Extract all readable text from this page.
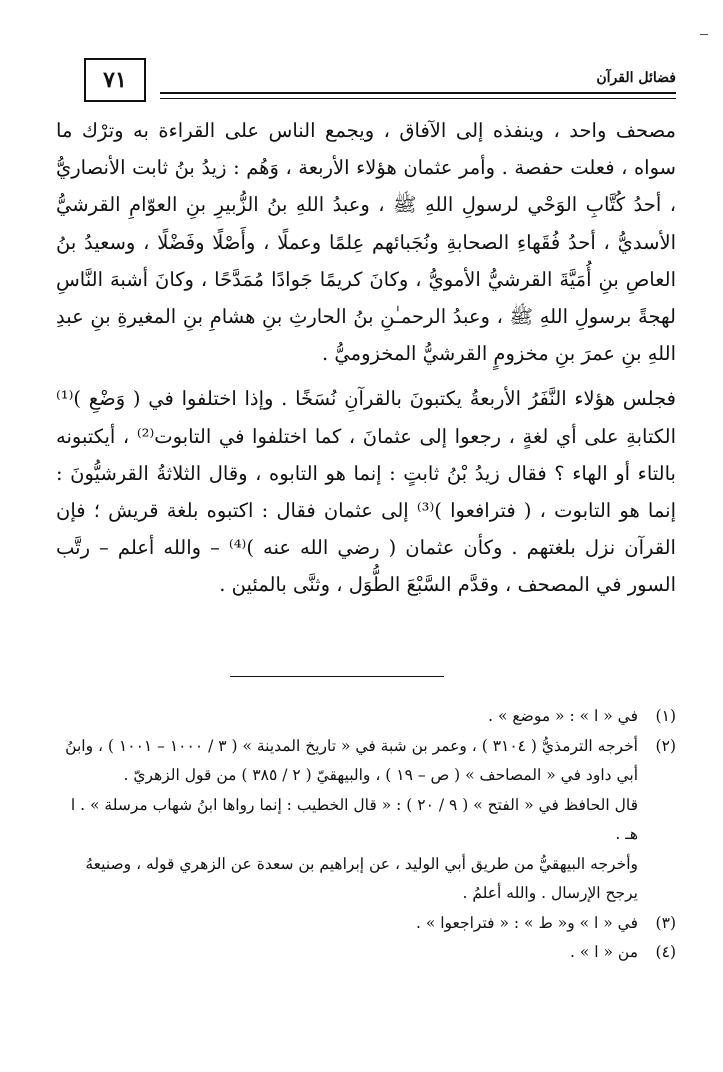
٧١	فضائل القرآن

مصحف واحد ، وينفذه إلى الآفاق ، ويجمع الناس على القراءة به وترْك ما سواه ، فعلت حفصة . وأمر عثمان هؤلاء الأربعة ، وَهُم : زيدُ بنُ ثابت الأنصاريُّ ، أحدُ كُتَّابِ الوَحْي لرسولِ اللهِ ﷺ ، وعبدُ اللهِ بنُ الزُّبيرِ بنِ العوّامِ القرشيُّ الأسديُّ ، أحدُ فُقَهاءِ الصحابةِ ونُجَبائهم عِلمًا وعملًا ، وأَصْلًا وفَضْلًا ، وسعيدُ بنُ العاصِ بنِ أُمَيَّةَ القرشيُّ الأمويُّ ، وكانَ كريمًا جَوادًا مُمَدَّحًا ، وكانَ أشبهَ النَّاسِ لهجةً برسولِ اللهِ ﷺ ، وعبدُ الرحمـٰنِ بنُ الحارثِ بنِ هشامِ بنِ المغيرةِ بنِ عبدِ اللهِ بنِ عمرَ بنِ مخزومٍ القرشيُّ المخزوميُّ .

فجلس هؤلاء النَّفَرُ الأربعةُ يكتبونَ بالقرآنِ نُسَخًا . وإذا اختلفوا في ( وَضْعِ )⁽¹⁾ الكتابةِ على أي لغةٍ ، رجعوا إلى عثمانَ ، كما اختلفوا في التابوت⁽²⁾ ، أيكتبونه بالتاء أو الهاء ؟ فقال زيدُ بْنُ ثابتٍ : إنما هو التابوه ، وقال الثلاثةُ القرشيُّونَ : إنما هو التابوت ، ( فترافعوا )⁽³⁾ إلى عثمان فقال : اكتبوه بلغة قريش ؛ فإن القرآن نزل بلغتهم . وكأن عثمان ( رضي الله عنه )⁽⁴⁾ – والله أعلم – رتَّب السور في المصحف ، وقدَّم السَّبْعَ الطُّوَل ، وثنَّى بالمئين .

(١)
في « ا » : « موضع » .
(٢)
أخرجه الترمذيُّ ( ٣١٠٤ ) ، وعمر بن شبة في « تاريخ المدينة » ( ٣ / ١٠٠٠ – ١٠٠١ ) ، وابنُ أبي داود في « المصاحف » ( ص – ١٩ ) ، والبيهقيّ ( ٢ / ٣٨٥ ) من قول الزهريّ .
قال الحافظ في « الفتح » ( ٩ / ٢٠ ) : « قال الخطيب : إنما رواها ابنُ شهاب مرسلة » . ا هـ .
وأخرجه البيهقيُّ من طريق أبي الوليد ، عن إبراهيم بن سعدة عن الزهري قوله ، وصنيعهُ يرجح الإرسال . والله أعلمُ .
(٣)
في « ا » و« ط » : « فتراجعوا » .
(٤)
من « ا » .
